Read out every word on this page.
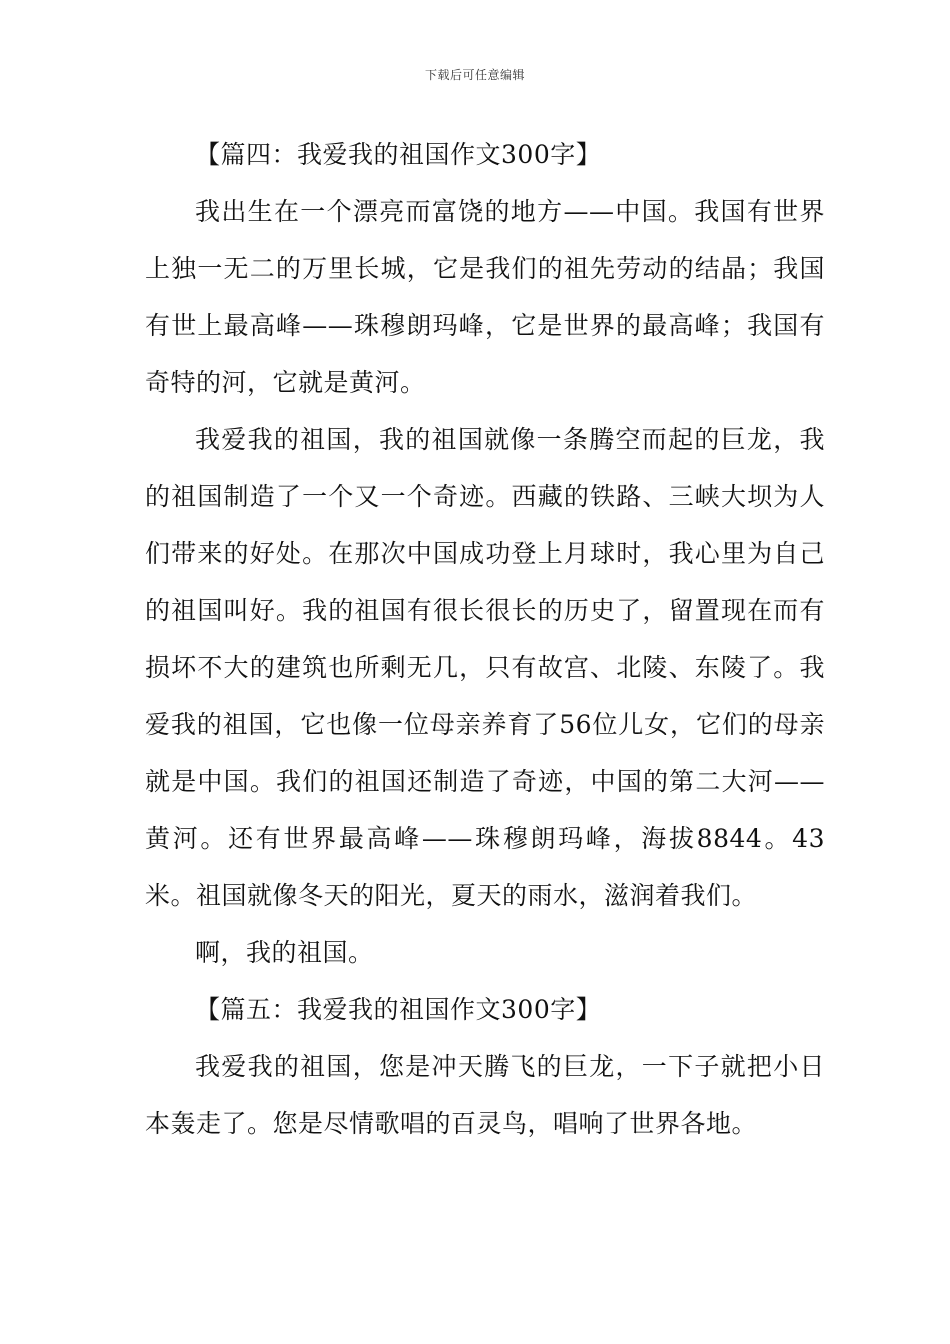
下载后可任意编辑

【篇四：我爱我的祖国作文300字】

我出生在一个漂亮而富饶的地方——中国。我国有世界上独一无二的万里长城，它是我们的祖先劳动的结晶；我国有世上最高峰——珠穆朗玛峰，它是世界的最高峰；我国有奇特的河，它就是黄河。

我爱我的祖国，我的祖国就像一条腾空而起的巨龙，我的祖国制造了一个又一个奇迹。西藏的铁路、三峡大坝为人们带来的好处。在那次中国成功登上月球时，我心里为自己的祖国叫好。我的祖国有很长很长的历史了，留置现在而有损坏不大的建筑也所剩无几，只有故宫、北陵、东陵了。我爱我的祖国，它也像一位母亲养育了56位儿女，它们的母亲就是中国。我们的祖国还制造了奇迹，中国的第二大河——黄河。还有世界最高峰——珠穆朗玛峰，海拔8844。43米。祖国就像冬天的阳光，夏天的雨水，滋润着我们。

啊，我的祖国。

【篇五：我爱我的祖国作文300字】

我爱我的祖国，您是冲天腾飞的巨龙，一下子就把小日本轰走了。您是尽情歌唱的百灵鸟，唱响了世界各地。
